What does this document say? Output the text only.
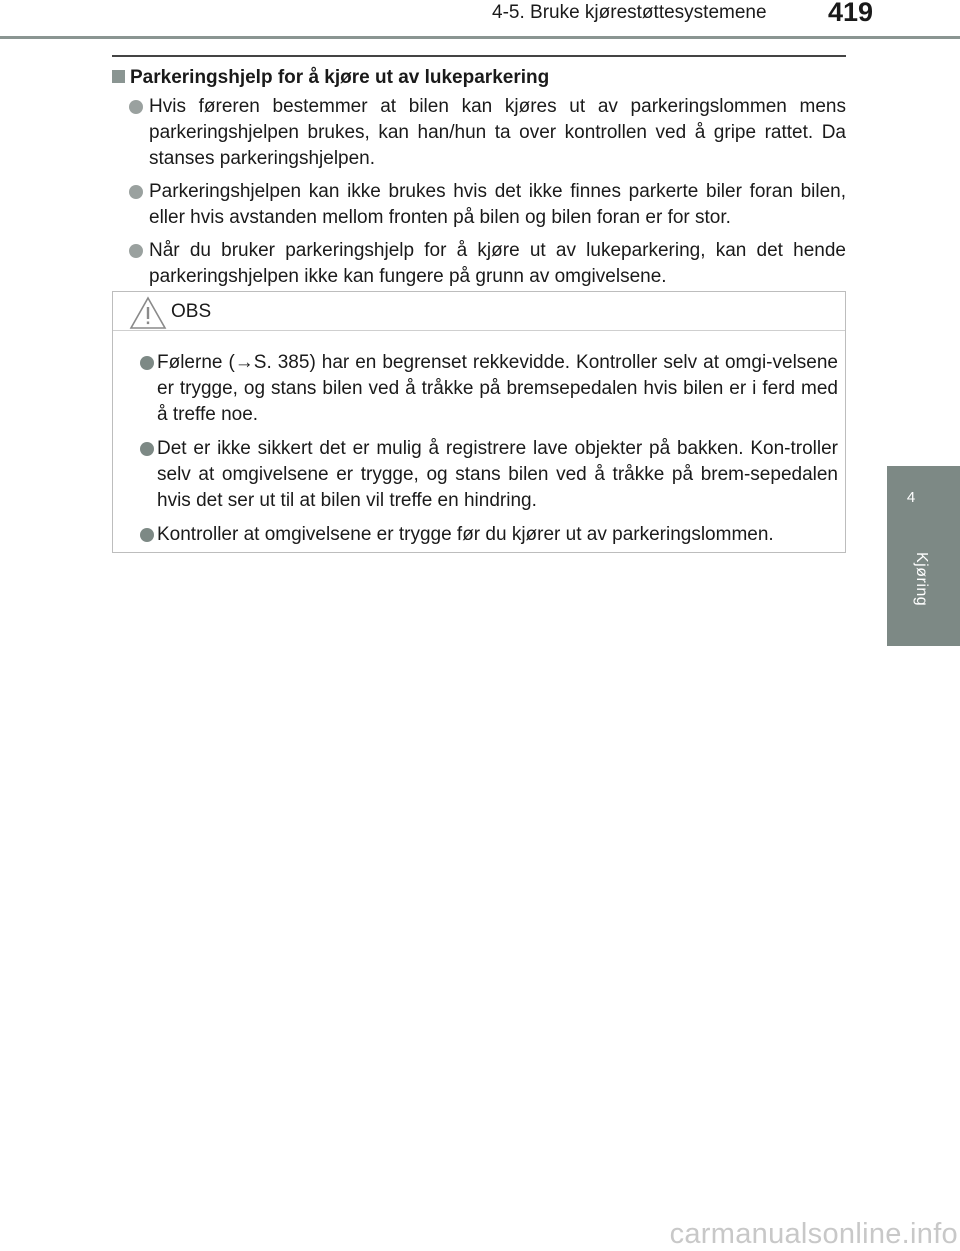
4-5. Bruke kjørestøttesystemene	419
4
Kjøring
Parkeringshjelp for å kjøre ut av lukeparkering
Hvis føreren bestemmer at bilen kan kjøres ut av parkeringslommen mens parkeringshjelpen brukes, kan han/hun ta over kontrollen ved å gripe rattet. Da stanses parkeringshjelpen.
Parkeringshjelpen kan ikke brukes hvis det ikke finnes parkerte biler foran bilen, eller hvis avstanden mellom fronten på bilen og bilen foran er for stor.
Når du bruker parkeringshjelp for å kjøre ut av lukeparkering, kan det hende parkeringshjelpen ikke kan fungere på grunn av omgivelsene.
OBS
Følerne (→S. 385) har en begrenset rekkevidde. Kontroller selv at omgi-velsene er trygge, og stans bilen ved å tråkke på bremsepedalen hvis bilen er i ferd med å treffe noe.
Det er ikke sikkert det er mulig å registrere lave objekter på bakken. Kon-troller selv at omgivelsene er trygge, og stans bilen ved å tråkke på brem-sepedalen hvis det ser ut til at bilen vil treffe en hindring.
Kontroller at omgivelsene er trygge før du kjører ut av parkeringslommen.
carmanualsonline.info
